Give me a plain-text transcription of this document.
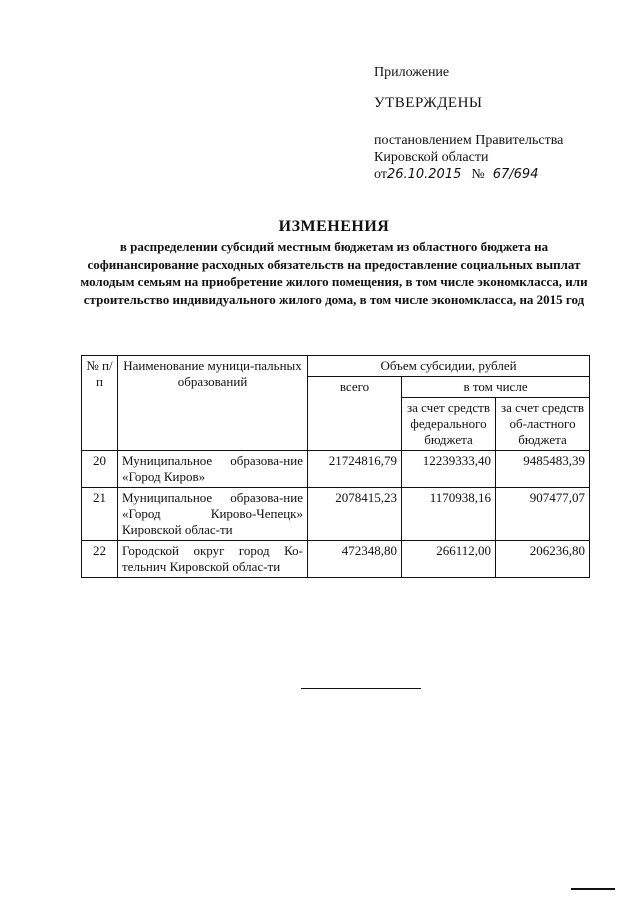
Приложение
УТВЕРЖДЕНЫ
постановлением Правительства
Кировской области
от26.10.2015 № 67/694
ИЗМЕНЕНИЯ
в распределении субсидий местным бюджетам из областного бюджета на софинансирование расходных обязательств на предоставление социальных выплат молодым семьям на приобретение жилого помещения, в том числе экономкласса, или строительство индивидуального жилого дома, в том числе экономкласса, на 2015 год
№ п/п	Наименование муници-пальных образований	Объем субсидии, рублей		
		всего	в том числе	
			за счет средств федерального бюджета	за счет средств об-ластного бюджета
20	Муниципальное образова-ние «Город Киров»	21724816,79	12239333,40	9485483,39
21	Муниципальное образова-ние «Город Кирово-Чепецк» Кировской облас-ти	2078415,23	1170938,16	907477,07
22	Городской округ город Ко-тельнич Кировской облас-ти	472348,80	266112,00	206236,80
